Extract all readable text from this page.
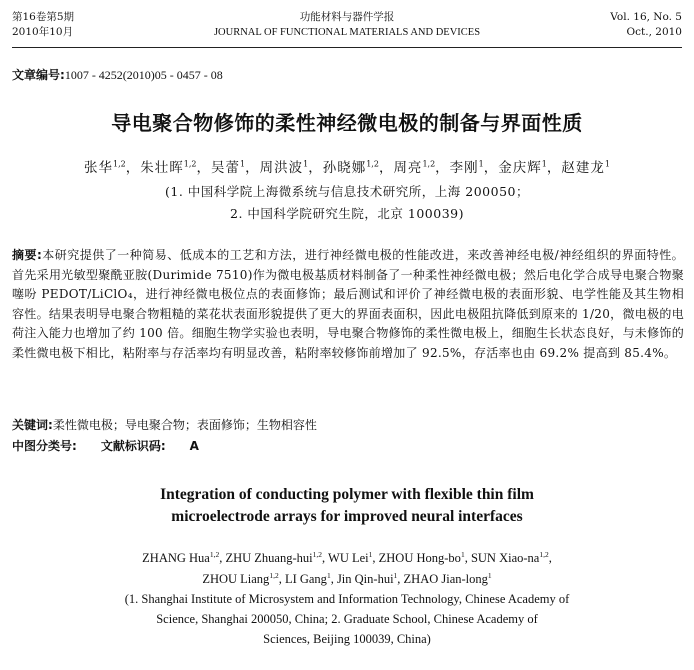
第16卷第5期
2010年10月
功能材料与器件学报
JOURNAL OF FUNCTIONAL MATERIALS AND DEVICES
Vol. 16, No. 5
Oct., 2010
文章编号:1007 - 4252(2010)05 - 0457 - 08
导电聚合物修饰的柔性神经微电极的制备与界面性质
张华$^{1,2}$，朱壮晖$^{1,2}$，吴蕾$^1$，周洪波$^1$，孙晓娜$^{1,2}$，周亮$^{1,2}$，李刚$^1$，金庆辉$^1$，赵建龙$^1$
(1. 中国科学院上海微系统与信息技术研究所，上海 200050；
2. 中国科学院研究生院，北京 100039)
摘要:本研究提供了一种简易、低成本的工艺和方法，进行神经微电极的性能改进，来改善神经电极/神经组织的界面特性。首先采用光敏型聚酰亚胺(Durimide 7510)作为微电极基质材料制备了一种柔性神经微电极；然后电化学合成导电聚合物聚噻吩 PEDOT/LiClO₄，进行神经微电极位点的表面修饰；最后测试和评价了神经微电极的表面形貌、电学性能及其生物相容性。结果表明导电聚合物粗糙的菜花状表面形貌提供了更大的界面表面积，因此电极阻抗降低到原来的 1/20，微电极的电荷注入能力也增加了约 100 倍。细胞生物学实验也表明，导电聚合物修饰的柔性微电极上，细胞生长状态良好，与未修饰的柔性微电极下相比，粘附率与存活率均有明显改善，粘附率较修饰前增加了 92.5%，存活率也由 69.2% 提高到 85.4%。
关键词:柔性微电极；导电聚合物；表面修饰；生物相容性
中图分类号: 文献标识码: A
Integration of conducting polymer with flexible thin film
microelectrode arrays for improved neural interfaces
ZHANG Hua$^{1,2}$, ZHU Zhuang-hui$^{1,2}$, WU Lei$^1$, ZHOU Hong-$bo^1$, SUN Xiao-na$^{1,2}$,
ZHOU Liang$^{1,2}$, LI Gang$^1$, Jin Qin-hui$^1$, ZHAO Jian-long$^1$
(1. Shanghai Institute of Microsystem and Information Technology, Chinese Academy of
Science, Shanghai 200050, China; 2. Graduate School, Chinese Academy of
Sciences, Beijing 100039, China)
